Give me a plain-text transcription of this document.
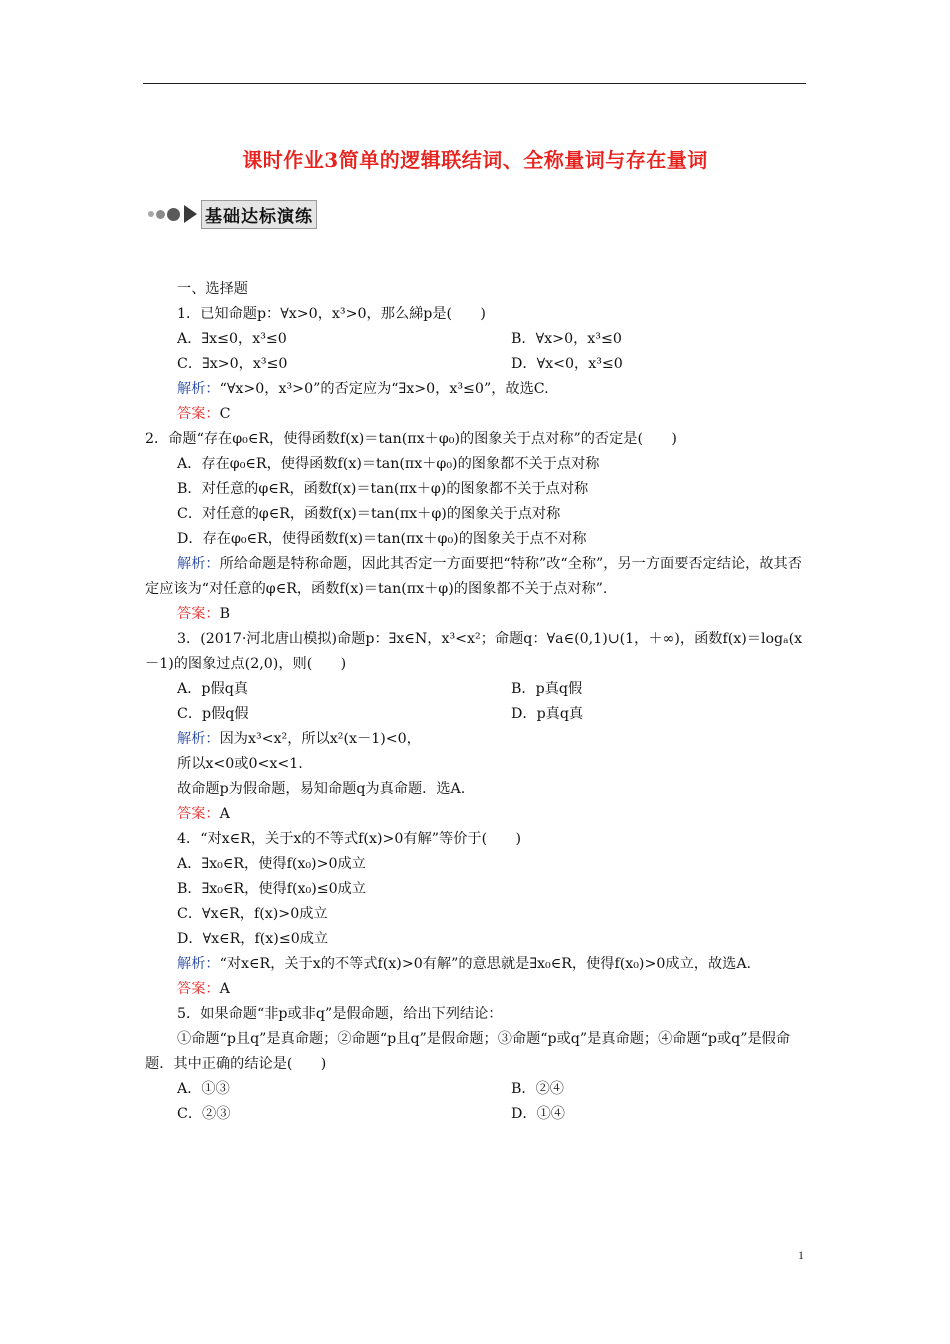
课时作业3简单的逻辑联结词、全称量词与存在量词
基础达标演练
一、选择题
1．已知命题p：∀x>0，x³>0，那么綈p是(　　)
A．∃x≤0，x³≤0	B．∀x>0，x³≤0
C．∃x>0，x³≤0	D．∀x<0，x³≤0
解析：“∀x>0，x³>0”的否定应为“∃x>0，x³≤0”，故选C.
答案：C
2．命题“存在φ₀∈R，使得函数f(x)＝tan(πx＋φ₀)的图象关于点对称”的否定是(　　)
A．存在φ₀∈R，使得函数f(x)＝tan(πx＋φ₀)的图象都不关于点对称
B．对任意的φ∈R，函数f(x)＝tan(πx＋φ)的图象都不关于点对称
C．对任意的φ∈R，函数f(x)＝tan(πx＋φ)的图象关于点对称
D．存在φ₀∈R，使得函数f(x)＝tan(πx＋φ₀)的图象关于点不对称
解析：所给命题是特称命题，因此其否定一方面要把“特称”改“全称”，另一方面要否定结论，故其否定应该为“对任意的φ∈R，函数f(x)＝tan(πx＋φ)的图象都不关于点对称”.
答案：B
3．(2017·河北唐山模拟)命题p：∃x∈N，x³<x²；命题q：∀a∈(0,1)∪(1，＋∞)，函数f(x)＝logₐ(x－1)的图象过点(2,0)，则(　　)
A．p假q真	B．p真q假
C．p假q假	D．p真q真
解析：因为x³<x²，所以x²(x－1)<0，
所以x<0或0<x<1.
故命题p为假命题，易知命题q为真命题．选A.
答案：A
4．“对x∈R，关于x的不等式f(x)>0有解”等价于(　　)
A．∃x₀∈R，使得f(x₀)>0成立
B．∃x₀∈R，使得f(x₀)≤0成立
C．∀x∈R，f(x)>0成立
D．∀x∈R，f(x)≤0成立
解析：“对x∈R，关于x的不等式f(x)>0有解”的意思就是∃x₀∈R，使得f(x₀)>0成立，故选A.
答案：A
5．如果命题“非p或非q”是假命题，给出下列结论：
①命题“p且q”是真命题；②命题“p且q”是假命题；③命题“p或q”是真命题；④命题“p或q”是假命题．其中正确的结论是(　　)
A．①③	B．②④
C．②③	D．①④
1
